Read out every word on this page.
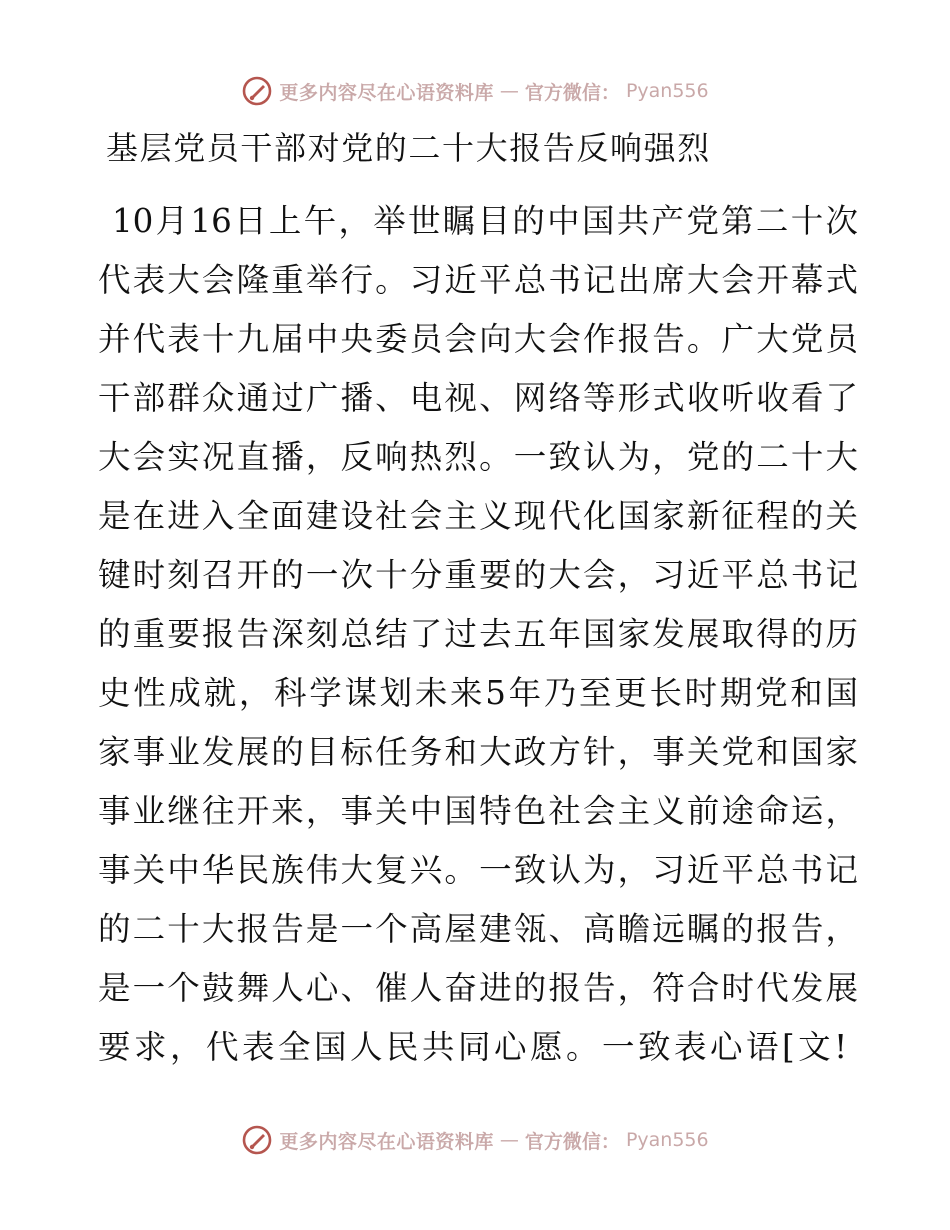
更多内容尽在心语资料库 — 官方微信： Pyan556
基层党员干部对党的二十大报告反响强烈
10月16日上午，举世瞩目的中国共产党第二十次
代表大会隆重举行。习近平总书记出席大会开幕式
并代表十九届中央委员会向大会作报告。广大党员
干部群众通过广播、电视、网络等形式收听收看了
大会实况直播，反响热烈。一致认为，党的二十大
是在进入全面建设社会主义现代化国家新征程的关
键时刻召开的一次十分重要的大会，习近平总书记
的重要报告深刻总结了过去五年国家发展取得的历
史性成就，科学谋划未来5年乃至更长时期党和国
家事业发展的目标任务和大政方针，事关党和国家
事业继往开来，事关中国特色社会主义前途命运，
事关中华民族伟大复兴。一致认为，习近平总书记
的二十大报告是一个高屋建瓴、高瞻远瞩的报告，
是一个鼓舞人心、催人奋进的报告，符合时代发展
要求，代表全国人民共同心愿。一致表心语[文!
更多内容尽在心语资料库 — 官方微信： Pyan556
